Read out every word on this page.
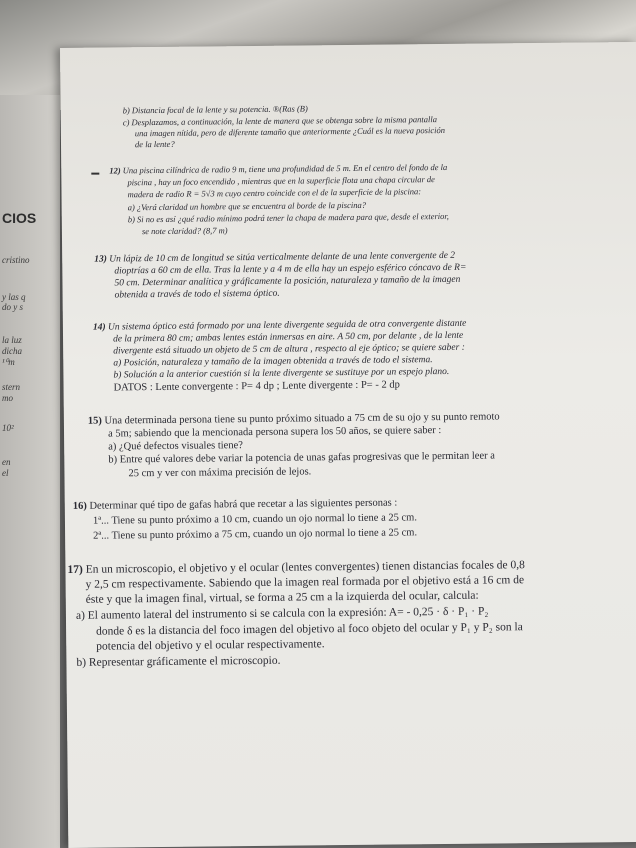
CIOS
cristino
y las q
do y s
la luz
dicha
¹⁰m
stern
mo
10²
en
el
b) Distancia focal de la lente y su potencia. ®(Ras (B)
c) Desplazamos, a continuación, la lente de manera que se obtenga sobre la misma pantalla
una imagen nítida, pero de diferente tamaño que anteriormente ¿Cuál es la nueva posición
de la lente?
12) Una piscina cilíndrica de radio 9 m, tiene una profundidad de 5 m. En el centro del fondo de la
piscina , hay un foco encendido , mientras que en la superficie flota una chapa circular de
madera de radio R = 5√3 m cuyo centro coincide con el de la superficie de la piscina:
a) ¿Verá claridad un hombre que se encuentra al borde de la piscina?
b) Si no es así ¿qué radio mínimo podrá tener la chapa de madera para que, desde el exterior,
se note claridad? (8,7 m)
13) Un lápiz de 10 cm de longitud se sitúa verticalmente delante de una lente convergente de 2
dioptrías a 60 cm de ella. Tras la lente y a 4 m de ella hay un espejo esférico cóncavo de R=
50 cm. Determinar analítica y gráficamente la posición, naturaleza y tamaño de la imagen
obtenida a través de todo el sistema óptico.
14) Un sistema óptico está formado por una lente divergente seguida de otra convergente distante
de la primera 80 cm; ambas lentes están inmersas en aire. A 50 cm, por delante , de la lente
divergente está situado un objeto de 5 cm de altura , respecto al eje óptico; se quiere saber :
a) Posición, naturaleza y tamaño de la imagen obtenida a través de todo el sistema.
b) Solución a la anterior cuestión si la lente divergente se sustituye por un espejo plano.
DATOS : Lente convergente : P= 4 dp ; Lente divergente : P= - 2 dp
15) Una determinada persona tiene su punto próximo situado a 75 cm de su ojo y su punto remoto
a 5m; sabiendo que la mencionada persona supera los 50 años, se quiere saber :
a) ¿Qué defectos visuales tiene?
b) Entre qué valores debe variar la potencia de unas gafas progresivas que le permitan leer a
25 cm y ver con máxima precisión de lejos.
16) Determinar qué tipo de gafas habrá que recetar a las siguientes personas :
1ª... Tiene su punto próximo a 10 cm, cuando un ojo normal lo tiene a 25 cm.
2ª... Tiene su punto próximo a 75 cm, cuando un ojo normal lo tiene a 25 cm.
17) En un microscopio, el objetivo y el ocular (lentes convergentes) tienen distancias focales de 0,8
y 2,5 cm respectivamente. Sabiendo que la imagen real formada por el objetivo está a 16 cm de
éste y que la imagen final, virtual, se forma a 25 cm a la izquierda del ocular, calcula:
a) El aumento lateral del instrumento si se calcula con la expresión: A= - 0,25 · δ · P₁ · P₂
donde δ es la distancia del foco imagen del objetivo al foco objeto del ocular y P₁ y P₂ son la
potencia del objetivo y el ocular respectivamente.
b) Representar gráficamente el microscopio.
